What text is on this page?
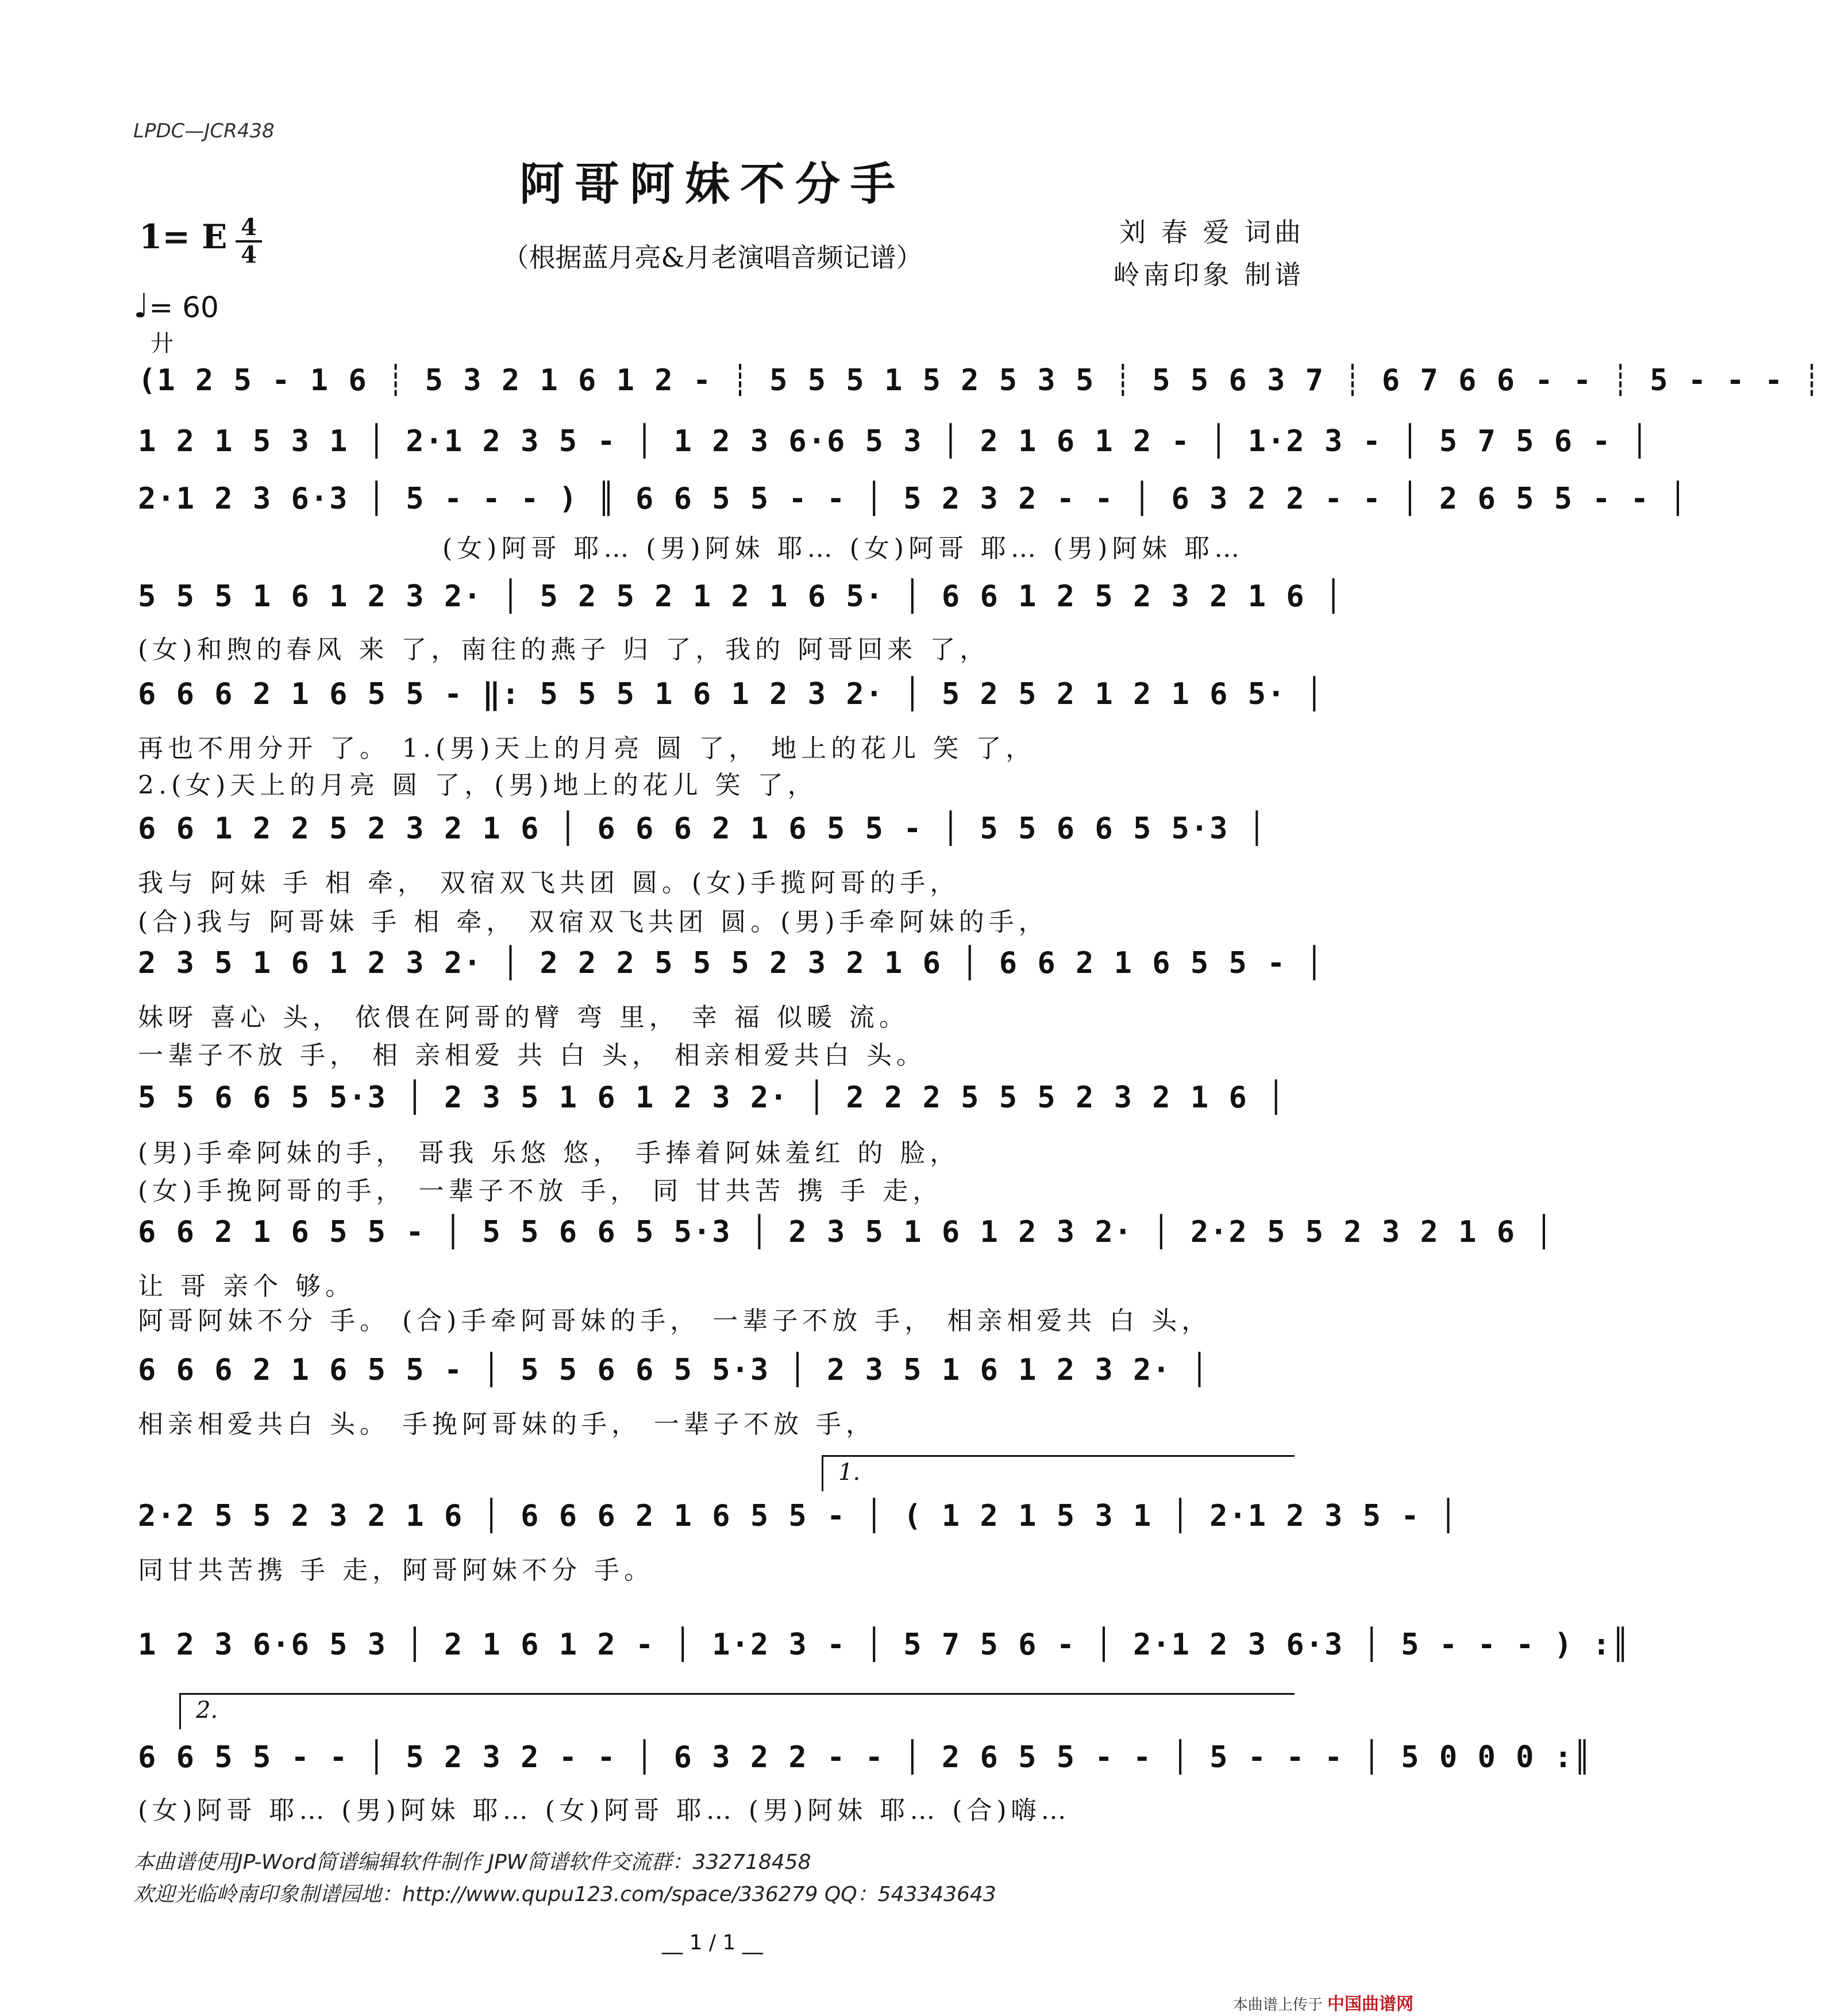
LPDC—JCR438
阿哥阿妹不分手
1= E 4
4	（根据蓝月亮&月老演唱音频记谱）
刘 春 爱 词曲
岭南印象 制谱
♩= 60
廾
(1 2 5 - 1 6 ┊ 5 3 2 1 6 1 2 - ┊ 5 5 5 1 5 2 5 3 5 ┊ 5 5 6 3 7 ┊ 6 7 6 6 - - ┊ 5 - - - ┊
1 2 1 5 3 1 │ 2·1 2 3 5 - │ 1 2 3 6·6 5 3 │ 2 1 6 1 2 - │ 1·2 3 - │ 5 7 5 6 - │
2·1 2 3 6·3 │ 5 - - - ) ║ 6 6 5 5 - - │ 5 2 3 2 - - │ 6 3 2 2 - - │ 2 6 5 5 - - │
(女)阿哥 耶… (男)阿妹 耶… (女)阿哥 耶… (男)阿妹 耶…
5 5 5 1 6 1 2 3 2· │ 5 2 5 2 1 2 1 6 5· │ 6 6 1 2 5 2 3 2 1 6 │
(女)和煦的春风 来 了，南往的燕子 归 了，我的 阿哥回来 了，
6 6 6 2 1 6 5 5 - ‖: 5 5 5 1 6 1 2 3 2· │ 5 2 5 2 1 2 1 6 5· │
再也不用分开 了。 1.(男)天上的月亮 圆 了， 地上的花儿 笑 了，
2.(女)天上的月亮 圆 了，(男)地上的花儿 笑 了，
6 6 1 2 2 5 2 3 2 1 6 │ 6 6 6 2 1 6 5 5 - │ 5 5 6 6 5 5·3 │
我与 阿妹 手 相 牵， 双宿双飞共团 圆。(女)手揽阿哥的手，
(合)我与 阿哥妹 手 相 牵， 双宿双飞共团 圆。(男)手牵阿妹的手，
2 3 5 1 6 1 2 3 2· │ 2 2 2 5 5 5 2 3 2 1 6 │ 6 6 2 1 6 5 5 - │
妹呀 喜心 头， 依偎在阿哥的臂 弯 里， 幸 福 似暖 流。
一辈子不放 手， 相 亲相爱 共 白 头， 相亲相爱共白 头。
5 5 6 6 5 5·3 │ 2 3 5 1 6 1 2 3 2· │ 2 2 2 5 5 5 2 3 2 1 6 │
(男)手牵阿妹的手， 哥我 乐悠 悠， 手捧着阿妹羞红 的 脸，
(女)手挽阿哥的手， 一辈子不放 手， 同 甘共苦 携 手 走，
6 6 2 1 6 5 5 - │ 5 5 6 6 5 5·3 │ 2 3 5 1 6 1 2 3 2· │ 2·2 5 5 2 3 2 1 6 │
让 哥 亲个 够。
阿哥阿妹不分 手。 (合)手牵阿哥妹的手， 一辈子不放 手， 相亲相爱共 白 头，
6 6 6 2 1 6 5 5 - │ 5 5 6 6 5 5·3 │ 2 3 5 1 6 1 2 3 2· │
相亲相爱共白 头。 手挽阿哥妹的手， 一辈子不放 手，
1.
2·2 5 5 2 3 2 1 6 │ 6 6 6 2 1 6 5 5 - │ ( 1 2 1 5 3 1 │ 2·1 2 3 5 - │
同甘共苦携 手 走，阿哥阿妹不分 手。
1 2 3 6·6 5 3 │ 2 1 6 1 2 - │ 1·2 3 - │ 5 7 5 6 - │ 2·1 2 3 6·3 │ 5 - - - ) :║
2.
6 6 5 5 - - │ 5 2 3 2 - - │ 6 3 2 2 - - │ 2 6 5 5 - - │ 5 - - - │ 5 0 0 0 :║
(女)阿哥 耶… (男)阿妹 耶… (女)阿哥 耶… (男)阿妹 耶… (合)嗨…
本曲谱使用JP-Word简谱编辑软件制作 JPW简谱软件交流群：332718458
欢迎光临岭南印象制谱园地：http://www.qupu123.com/space/336279 QQ：543343643
__ 1 / 1 __
本曲谱上传于 中国曲谱网
